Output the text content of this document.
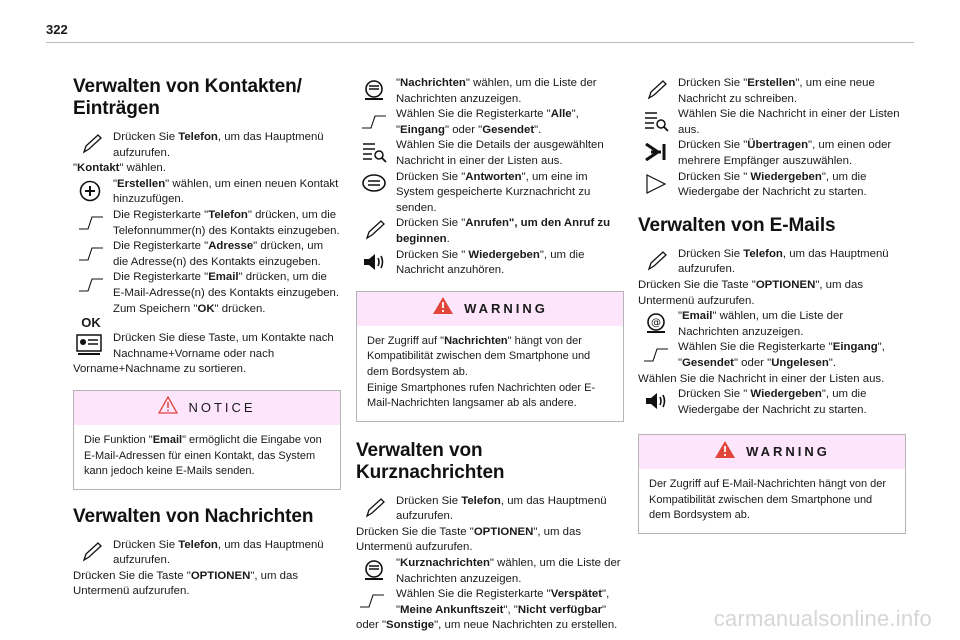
322
Verwalten von Kontakten/ Einträgen
Drücken Sie Telefon, um das Hauptmenü aufzurufen.
"Kontakt" wählen.
"Erstellen" wählen, um einen neuen Kontakt hinzuzufügen.
Die Registerkarte "Telefon" drücken, um die Telefonnummer(n) des Kontakts einzugeben.
Die Registerkarte "Adresse" drücken, um die Adresse(n) des Kontakts einzugeben.
Die Registerkarte "Email" drücken, um die E-Mail-Adresse(n) des Kontakts einzugeben.
OK
Zum Speichern "OK" drücken.
Drücken Sie diese Taste, um Kontakte nach Nachname+Vorname oder nach Vorname+Nachname zu sortieren.
NOTICE
Die Funktion "Email" ermöglicht die Eingabe von E-Mail-Adressen für einen Kontakt, das System kann jedoch keine E-Mails senden.
Verwalten von Nachrichten
Drücken Sie Telefon, um das Hauptmenü aufzurufen.
Drücken Sie die Taste "OPTIONEN", um das Untermenü aufzurufen.
"Nachrichten" wählen, um die Liste der Nachrichten anzuzeigen.
Wählen Sie die Registerkarte "Alle", "Eingang" oder "Gesendet".
Wählen Sie die Details der ausgewählten Nachricht in einer der Listen aus.
Drücken Sie "Antworten", um eine im System gespeicherte Kurznachricht zu senden.
Drücken Sie "Anrufen", um den Anruf zu beginnen.
Drücken Sie " Wiedergeben", um die Nachricht anzuhören.
WARNING

Der Zugriff auf "Nachrichten" hängt von der Kompatibilität zwischen dem Smartphone und dem Bordsystem ab.

Einige Smartphones rufen Nachrichten oder E-Mail-Nachrichten langsamer ab als andere.

Verwalten von Kurznachrichten
Drücken Sie Telefon, um das Hauptmenü aufzurufen.
Drücken Sie die Taste "OPTIONEN", um das Untermenü aufzurufen.
"Kurznachrichten" wählen, um die Liste der Nachrichten anzuzeigen.
Wählen Sie die Registerkarte "Verspätet", "Meine Ankunftszeit", "Nicht verfügbar" oder "Sonstige", um neue Nachrichten zu erstellen.
Drücken Sie "Erstellen", um eine neue Nachricht zu schreiben.
Wählen Sie die Nachricht in einer der Listen aus.
Drücken Sie "Übertragen", um einen oder mehrere Empfänger auszuwählen.
Drücken Sie " Wiedergeben", um die Wiedergabe der Nachricht zu starten.
Verwalten von E-Mails
Drücken Sie Telefon, um das Hauptmenü aufzurufen.
Drücken Sie die Taste "OPTIONEN", um das Untermenü aufzurufen.
@
"Email" wählen, um die Liste der Nachrichten anzuzeigen.
Wählen Sie die Registerkarte "Eingang", "Gesendet" oder "Ungelesen".
Wählen Sie die Nachricht in einer der Listen aus.
Drücken Sie " Wiedergeben", um die Wiedergabe der Nachricht zu starten.
WARNING

Der Zugriff auf E-Mail-Nachrichten hängt von der Kompatibilität zwischen dem Smartphone und dem Bordsystem ab.

carmanualsonline.info
